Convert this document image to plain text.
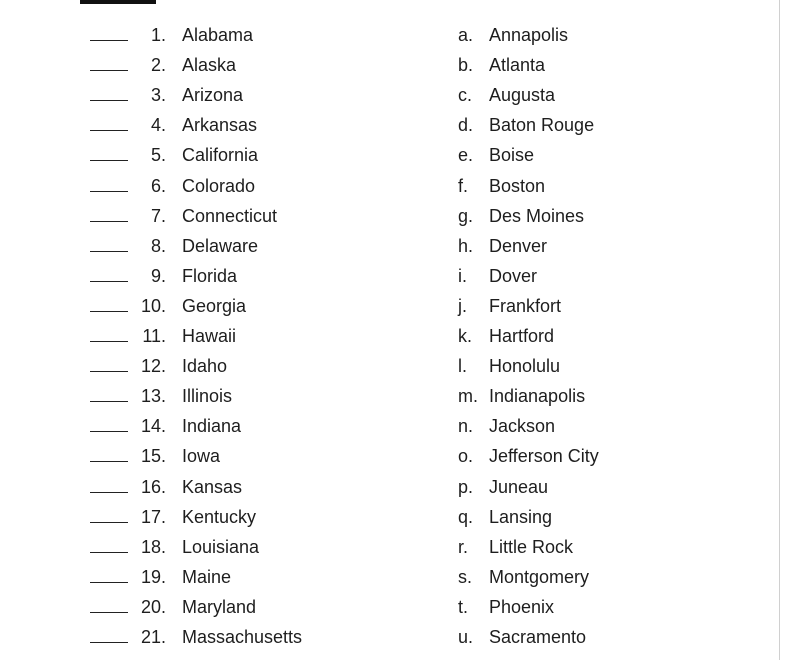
1. Alabama	a. Annapolis
2. Alaska	b. Atlanta
3. Arizona	c. Augusta
4. Arkansas	d. Baton Rouge
5. California	e. Boise
6. Colorado	f. Boston
7. Connecticut	g. Des Moines
8. Delaware	h. Denver
9. Florida	i. Dover
10. Georgia	j. Frankfort
11. Hawaii	k. Hartford
12. Idaho	l. Honolulu
13. Illinois	m. Indianapolis
14. Indiana	n. Jackson
15. Iowa	o. Jefferson City
16. Kansas	p. Juneau
17. Kentucky	q. Lansing
18. Louisiana	r. Little Rock
19. Maine	s. Montgomery
20. Maryland	t. Phoenix
21. Massachusetts	u. Sacramento
